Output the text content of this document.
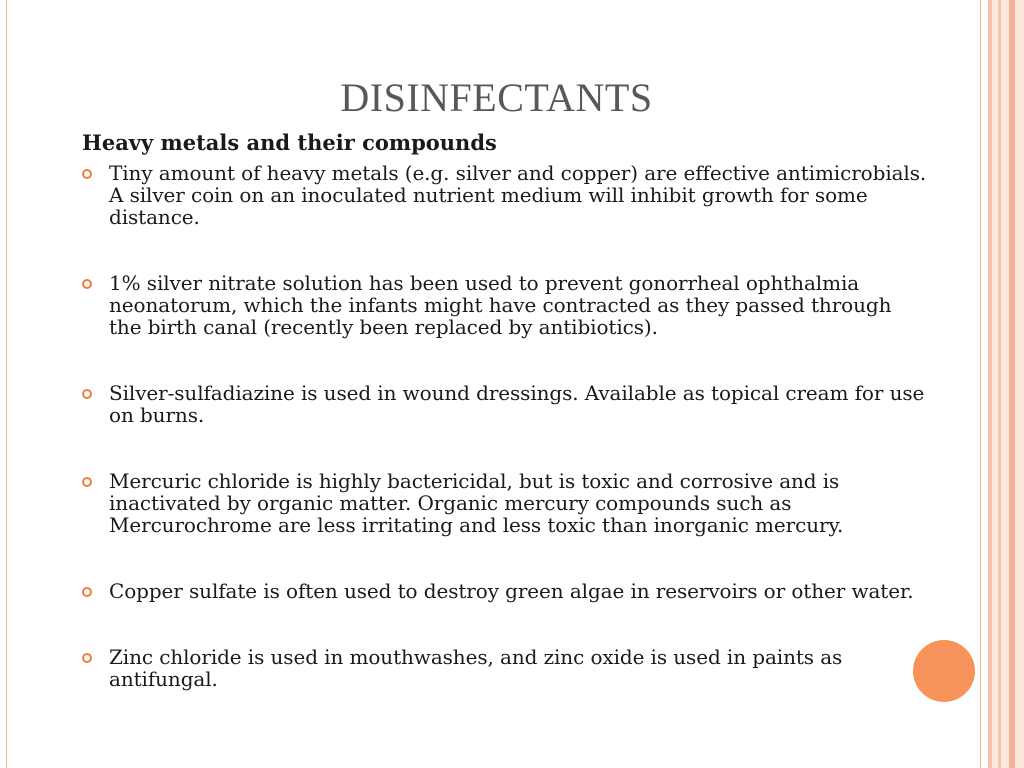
DISINFECTANTS
Heavy metals and their compounds
Tiny amount of heavy metals (e.g. silver and copper) are effective antimicrobials. A silver coin on an inoculated nutrient medium will inhibit growth for some distance.
1% silver nitrate solution has been used to prevent gonorrheal ophthalmia neonatorum, which the infants might have contracted as they passed through the birth canal (recently been replaced by antibiotics).
Silver-sulfadiazine is used in wound dressings. Available as topical cream for use on burns.
Mercuric chloride is highly bactericidal, but is toxic and corrosive and is inactivated by organic matter. Organic mercury compounds such as Mercurochrome are less irritating and less toxic than inorganic mercury.
Copper sulfate is often used to destroy green algae in reservoirs or other water.
Zinc chloride is used in mouthwashes, and zinc oxide is used in paints as antifungal.
